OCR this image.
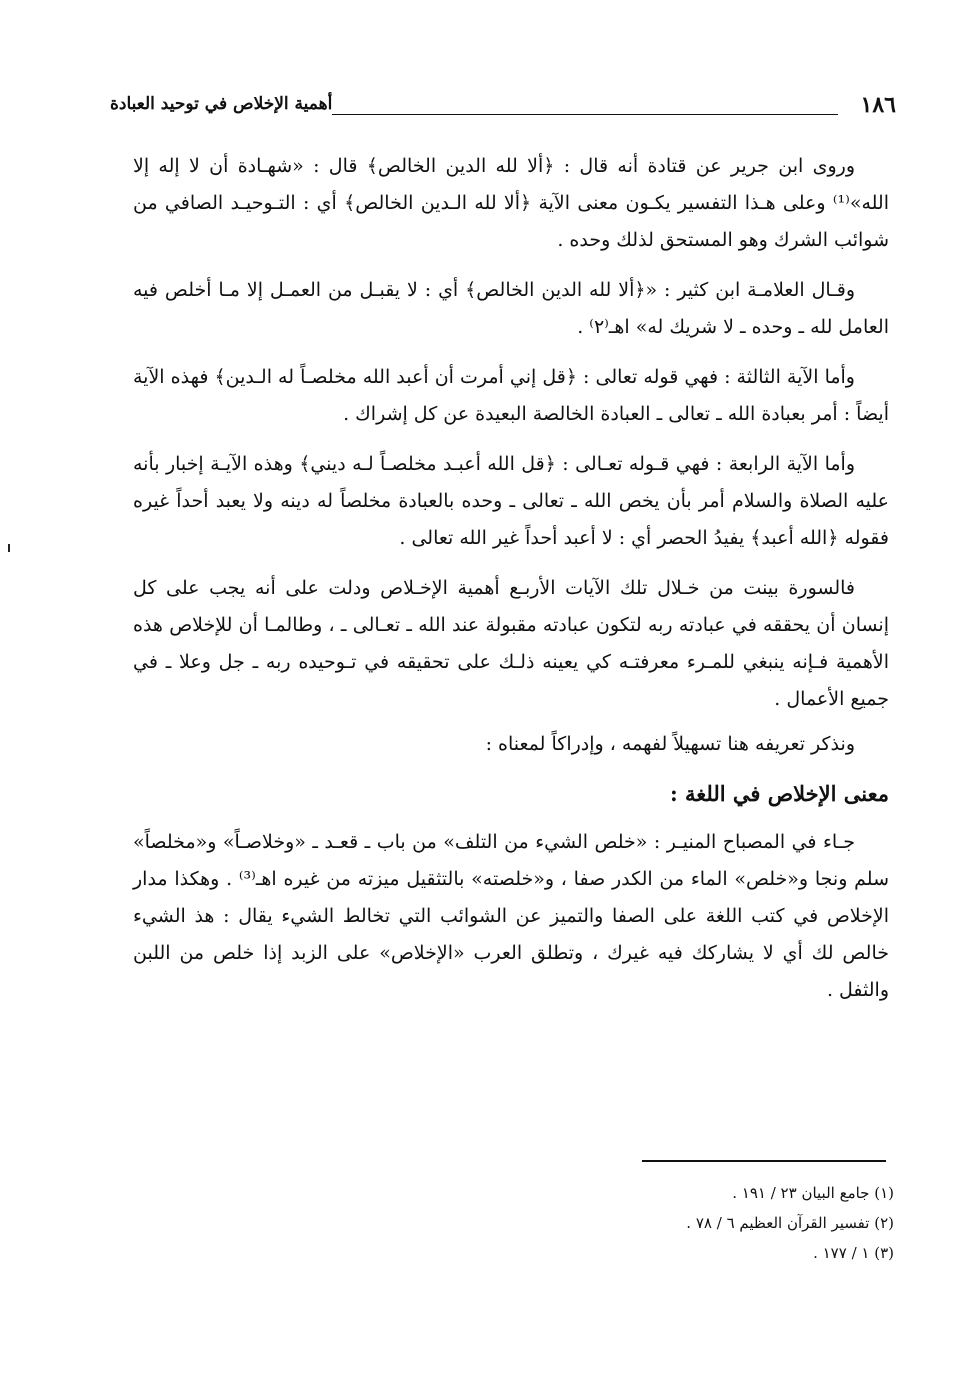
١٨٦
أهمية الإخلاص في توحيد العبادة

وروى ابن جرير عن قتادة أنه قال : ﴿ألا لله الدين الخالص﴾ قال : «شهـادة أن لا إله إلا الله»⁽¹⁾ وعلى هـذا التفسير يكـون معنى الآية ﴿ألا لله الـدين الخالص﴾ أي : التـوحيـد الصافي من شوائب الشرك وهو المستحق لذلك وحده .

وقـال العلامـة ابن كثير : «﴿ألا لله الدين الخالص﴾ أي : لا يقبـل من العمـل إلا مـا أخلص فيه العامل لله ـ وحده ـ لا شريك له» اهـ⁽٢⁾ .

وأما الآية الثالثة : فهي قوله تعالى : ﴿قل إني أمرت أن أعبد الله مخلصـاً له الـدين﴾ فهذه الآية أيضاً : أمر بعبادة الله ـ تعالى ـ العبادة الخالصة البعيدة عن كل إشراك .

وأما الآية الرابعة : فهي قـوله تعـالى : ﴿قل الله أعبـد مخلصـاً لـه ديني﴾ وهذه الآيـة إخبار بأنه عليه الصلاة والسلام أمر بأن يخص الله ـ تعالى ـ وحده بالعبادة مخلصاً له دينه ولا يعبد أحداً غيره فقوله ﴿الله أعبد﴾ يفيدُ الحصر أي : لا أعبد أحداً غير الله تعالى .

فالسورة بينت من خـلال تلك الآيات الأربـع أهمية الإخـلاص ودلت على أنه يجب على كل إنسان أن يحققه في عبادته ربه لتكون عبادته مقبولة عند الله ـ تعـالى ـ ، وطالمـا أن للإخلاص هذه الأهمية فـإنه ينبغي للمـرء معرفتـه كي يعينه ذلـك على تحقيقه في تـوحيده ربه ـ جل وعلا ـ في جميع الأعمال .

ونذكر تعريفه هنا تسهيلاً لفهمه ، وإدراكاً لمعناه :

معنى الإخلاص في اللغة :

جـاء في المصباح المنيـر : «خلص الشيء من التلف» من باب ـ قعـد ـ «وخلاصـاً» و«مخلصاً» سلم ونجا و«خلص» الماء من الكدر صفا ، و«خلصته» بالتثقيل ميزته من غيره اهـ⁽³⁾ . وهكذا مدار الإخلاص في كتب اللغة على الصفا والتميز عن الشوائب التي تخالط الشيء يقال : هذ الشيء خالص لك أي لا يشاركك فيه غيرك ، وتطلق العرب «الإخلاص» على الزبد إذا خلص من اللبن والثفل .

(١) جامع البيان ٢٣ / ١٩١ .
(٢) تفسير القرآن العظيم ٦ / ٧٨ .
(٣) ١ / ١٧٧ .
